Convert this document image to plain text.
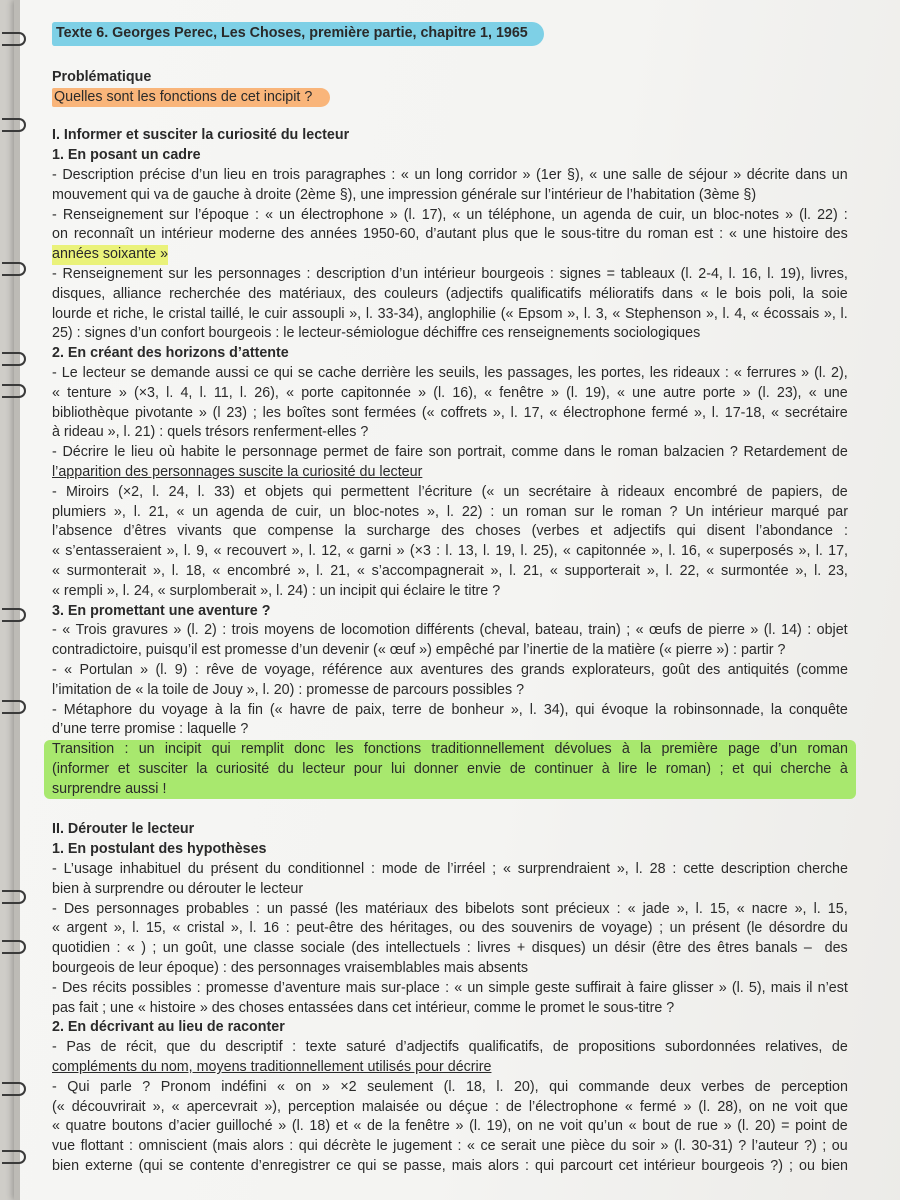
Texte 6. Georges Perec, Les Choses, première partie, chapitre 1, 1965
Problématique
Quelles sont les fonctions de cet incipit ?
I. Informer et susciter la curiosité du lecteur
1. En posant un cadre
- Description précise d’un lieu en trois paragraphes : « un long corridor » (1er §), « une salle de séjour » décrite dans un
mouvement qui va de gauche à droite (2ème §), une impression générale sur l’intérieur de l’habitation (3ème §)
- Renseignement sur l’époque : « un électrophone » (l. 17), « un téléphone, un agenda de cuir, un bloc-notes » (l. 22) :
on reconnaît un intérieur moderne des années 1950-60, d’autant plus que le sous-titre du roman est : « une histoire des
années soixante »
- Renseignement sur les personnages : description d’un intérieur bourgeois : signes = tableaux (l. 2-4, l. 16, l. 19), livres,
disques, alliance recherchée des matériaux, des couleurs (adjectifs qualificatifs mélioratifs dans « le bois poli, la soie
lourde et riche, le cristal taillé, le cuir assoupli », l. 33-34), anglophilie (« Epsom », l. 3, « Stephenson », l. 4, « écossais », l.
25) : signes d’un confort bourgeois : le lecteur-sémiologue déchiffre ces renseignements sociologiques
2. En créant des horizons d’attente
- Le lecteur se demande aussi ce qui se cache derrière les seuils, les passages, les portes, les rideaux : « ferrures » (l. 2),
« tenture » (×3, l. 4, l. 11, l. 26), « porte capitonnée » (l. 16), « fenêtre » (l. 19), « une autre porte » (l. 23), « une
bibliothèque pivotante » (l 23) ; les boîtes sont fermées (« coffrets », l. 17, « électrophone fermé », l. 17-18, « secrétaire
à rideau », l. 21) : quels trésors renferment-elles ?
- Décrire le lieu où habite le personnage permet de faire son portrait, comme dans le roman balzacien ? Retardement de
l’apparition des personnages suscite la curiosité du lecteur
- Miroirs (×2, l. 24, l. 33) et objets qui permettent l’écriture (« un secrétaire à rideaux encombré de papiers, de
plumiers », l. 21, « un agenda de cuir, un bloc-notes », l. 22) : un roman sur le roman ? Un intérieur marqué par
l’absence d’êtres vivants que compense la surcharge des choses (verbes et adjectifs qui disent l’abondance :
« s’entasseraient », l. 9, « recouvert », l. 12, « garni » (×3 : l. 13, l. 19, l. 25), « capitonnée », l. 16, « superposés », l. 17,
« surmonterait », l. 18, « encombré », l. 21, « s’accompagnerait », l. 21, « supporterait », l. 22, « surmontée », l. 23,
« rempli », l. 24, « surplomberait », l. 24) : un incipit qui éclaire le titre ?
3. En promettant une aventure ?
- « Trois gravures » (l. 2) : trois moyens de locomotion différents (cheval, bateau, train) ; « œufs de pierre » (l. 14) : objet
contradictoire, puisqu’il est promesse d’un devenir (« œuf ») empêché par l’inertie de la matière (« pierre ») : partir ?
- « Portulan » (l. 9) : rêve de voyage, référence aux aventures des grands explorateurs, goût des antiquités (comme
l’imitation de « la toile de Jouy », l. 20) : promesse de parcours possibles ?
- Métaphore du voyage à la fin (« havre de paix, terre de bonheur », l. 34), qui évoque la robinsonnade, la conquête
d’une terre promise : laquelle ?
Transition : un incipit qui remplit donc les fonctions traditionnellement dévolues à la première page d’un roman
(informer et susciter la curiosité du lecteur pour lui donner envie de continuer à lire le roman) ; et qui cherche à
surprendre aussi !
II. Dérouter le lecteur
1. En postulant des hypothèses
- L’usage inhabituel du présent du conditionnel : mode de l’irréel ; « surprendraient », l. 28 : cette description cherche
bien à surprendre ou dérouter le lecteur
- Des personnages probables : un passé (les matériaux des bibelots sont précieux : « jade », l. 15, « nacre », l. 15,
« argent », l. 15, « cristal », l. 16 : peut-être des héritages, ou des souvenirs de voyage) ; un présent (le désordre du
quotidien : « ) ; un goût, une classe sociale (des intellectuels : livres + disques) un désir (être des êtres banals – des
bourgeois de leur époque) : des personnages vraisemblables mais absents
- Des récits possibles : promesse d’aventure mais sur-place : « un simple geste suffirait à faire glisser » (l. 5), mais il n’est
pas fait ; une « histoire » des choses entassées dans cet intérieur, comme le promet le sous-titre ?
2. En décrivant au lieu de raconter
- Pas de récit, que du descriptif : texte saturé d’adjectifs qualificatifs, de propositions subordonnées relatives, de
compléments du nom, moyens traditionnellement utilisés pour décrire
- Qui parle ? Pronom indéfini « on » ×2 seulement (l. 18, l. 20), qui commande deux verbes de perception
(« découvrirait », « apercevrait »), perception malaisée ou déçue : de l’électrophone « fermé » (l. 28), on ne voit que
« quatre boutons d’acier guilloché » (l. 18) et « de la fenêtre » (l. 19), on ne voit qu’un « bout de rue » (l. 20) = point de
vue flottant : omniscient (mais alors : qui décrète le jugement : « ce serait une pièce du soir » (l. 30-31) ? l’auteur ?) ; ou
bien externe (qui se contente d’enregistrer ce qui se passe, mais alors : qui parcourt cet intérieur bourgeois ?) ; ou bien
